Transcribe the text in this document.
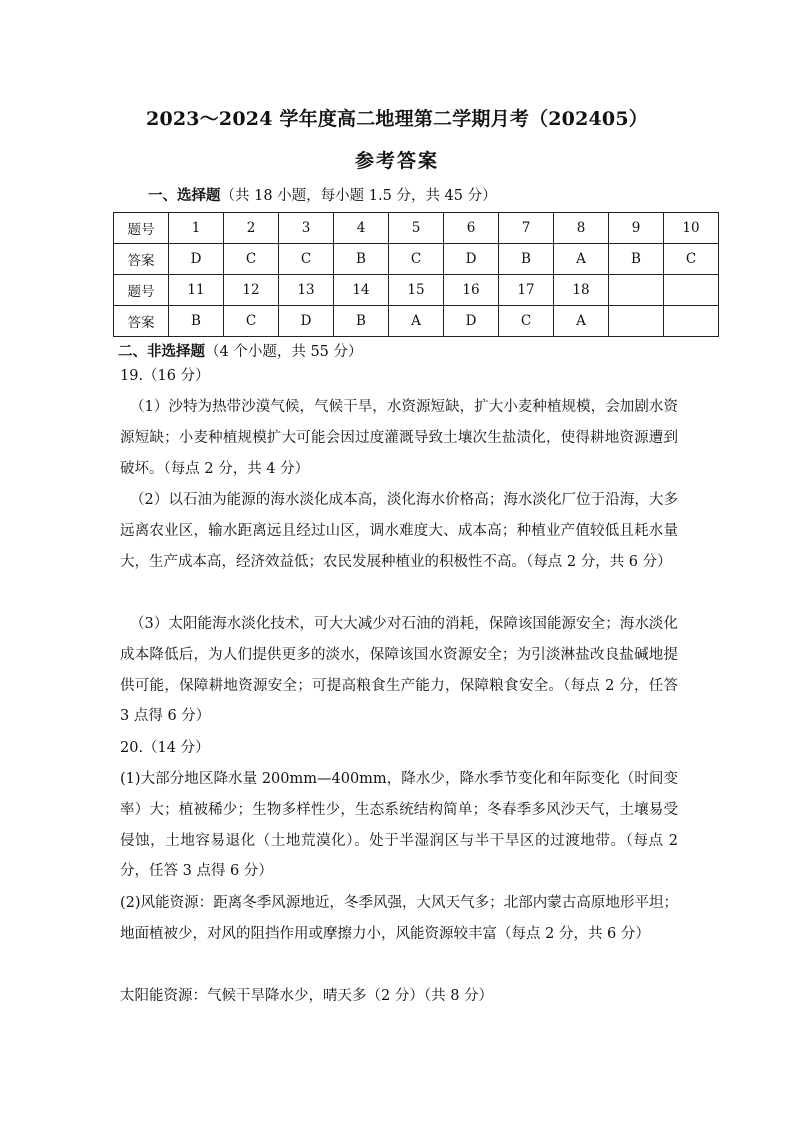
2023～2024 学年度高二地理第二学期月考（202405）
参考答案
一、选择题（共 18 小题，每小题 1.5 分，共 45 分）
题号	1	2	3	4	5	6	7	8	9	10
答案	D	C	C	B	C	D	B	A	B	C
题号	11	12	13	14	15	16	17	18		
答案	B	C	D	B	A	D	C	A		
二、非选择题（4 个小题，共 55 分）
19.（16 分）
（1）沙特为热带沙漠气候，气候干旱，水资源短缺，扩大小麦种植规模，会加剧水资源短缺；小麦种植规模扩大可能会因过度灌溉导致土壤次生盐渍化，使得耕地资源遭到破坏。（每点 2 分，共 4 分）
（2）以石油为能源的海水淡化成本高，淡化海水价格高；海水淡化厂位于沿海，大多远离农业区，输水距离远且经过山区，调水难度大、成本高；种植业产值较低且耗水量大，生产成本高，经济效益低；农民发展种植业的积极性不高。（每点 2 分，共 6 分）
（3）太阳能海水淡化技术，可大大减少对石油的消耗，保障该国能源安全；海水淡化成本降低后，为人们提供更多的淡水，保障该国水资源安全；为引淡淋盐改良盐碱地提供可能，保障耕地资源安全；可提高粮食生产能力，保障粮食安全。（每点 2 分，任答 3 点得 6 分）
20.（14 分）
(1)大部分地区降水量 200mm—400mm，降水少，降水季节变化和年际变化（时间变率）大；植被稀少；生物多样性少，生态系统结构简单；冬春季多风沙天气，土壤易受侵蚀，土地容易退化（土地荒漠化）。处于半湿润区与半干旱区的过渡地带。（每点 2 分，任答 3 点得 6 分）
(2)风能资源：距离冬季风源地近，冬季风强，大风天气多；北部内蒙古高原地形平坦；地面植被少，对风的阻挡作用或摩擦力小，风能资源较丰富（每点 2 分，共 6 分）
太阳能资源：气候干旱降水少，晴天多（2 分）（共 8 分）
